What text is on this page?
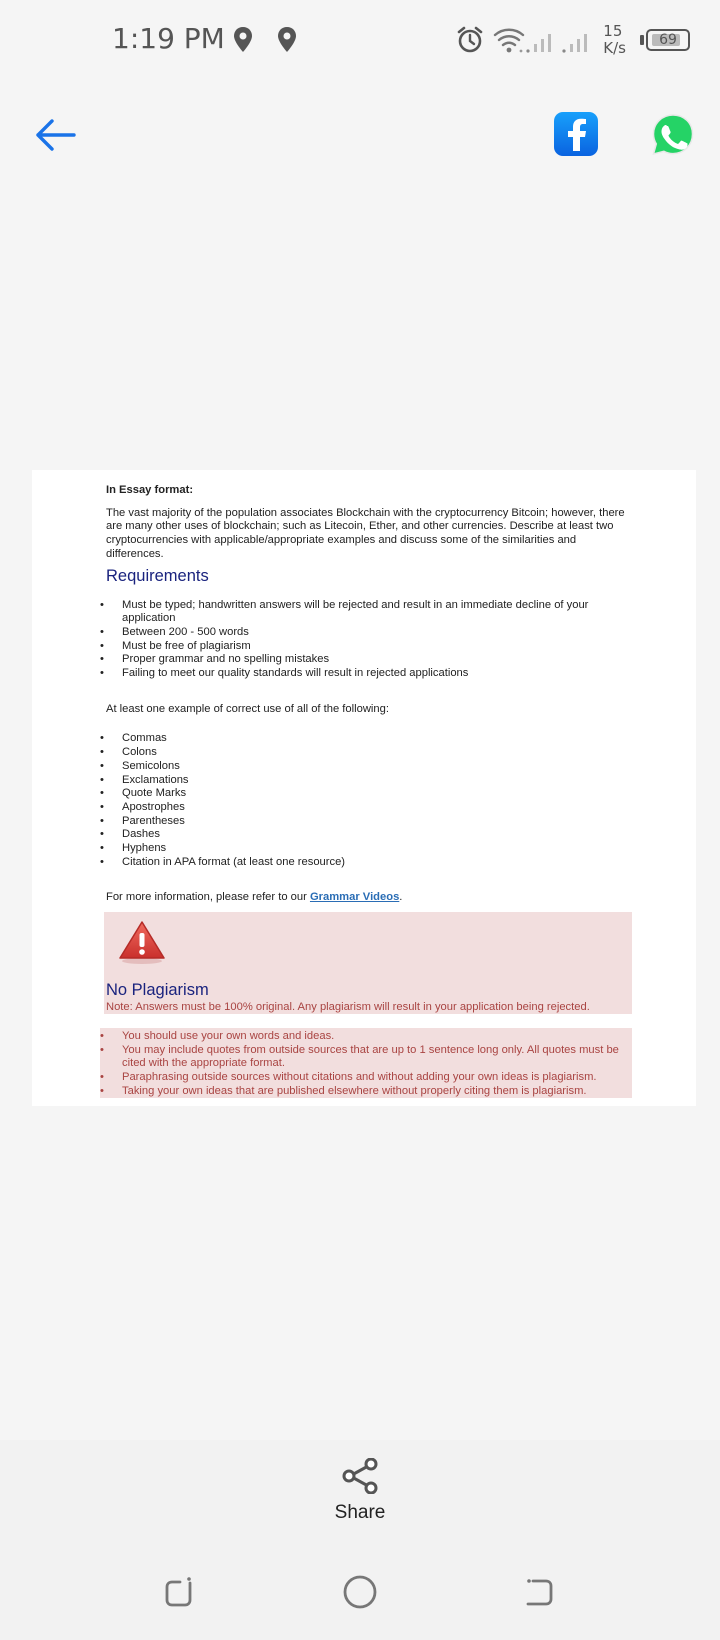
1:19 PM	15
K/s 69
In Essay format:
The vast majority of the population associates Blockchain with the cryptocurrency Bitcoin; however, there are many other uses of blockchain; such as Litecoin, Ether, and other currencies. Describe at least two cryptocurrencies with applicable/appropriate examples and discuss some of the similarities and differences.
Requirements
• Must be typed; handwritten answers will be rejected and result in an immediate decline of your application
• Between 200 - 500 words
• Must be free of plagiarism
• Proper grammar and no spelling mistakes
• Failing to meet our quality standards will result in rejected applications
At least one example of correct use of all of the following:
• Commas
• Colons
• Semicolons
• Exclamations
• Quote Marks
• Apostrophes
• Parentheses
• Dashes
• Hyphens
• Citation in APA format (at least one resource)
For more information, please refer to our Grammar Videos.
No Plagiarism
Note: Answers must be 100% original. Any plagiarism will result in your application being rejected.
• You should use your own words and ideas.
• You may include quotes from outside sources that are up to 1 sentence long only. All quotes must be cited with the appropriate format.
• Paraphrasing outside sources without citations and without adding your own ideas is plagiarism.
• Taking your own ideas that are published elsewhere without properly citing them is plagiarism.
Share
